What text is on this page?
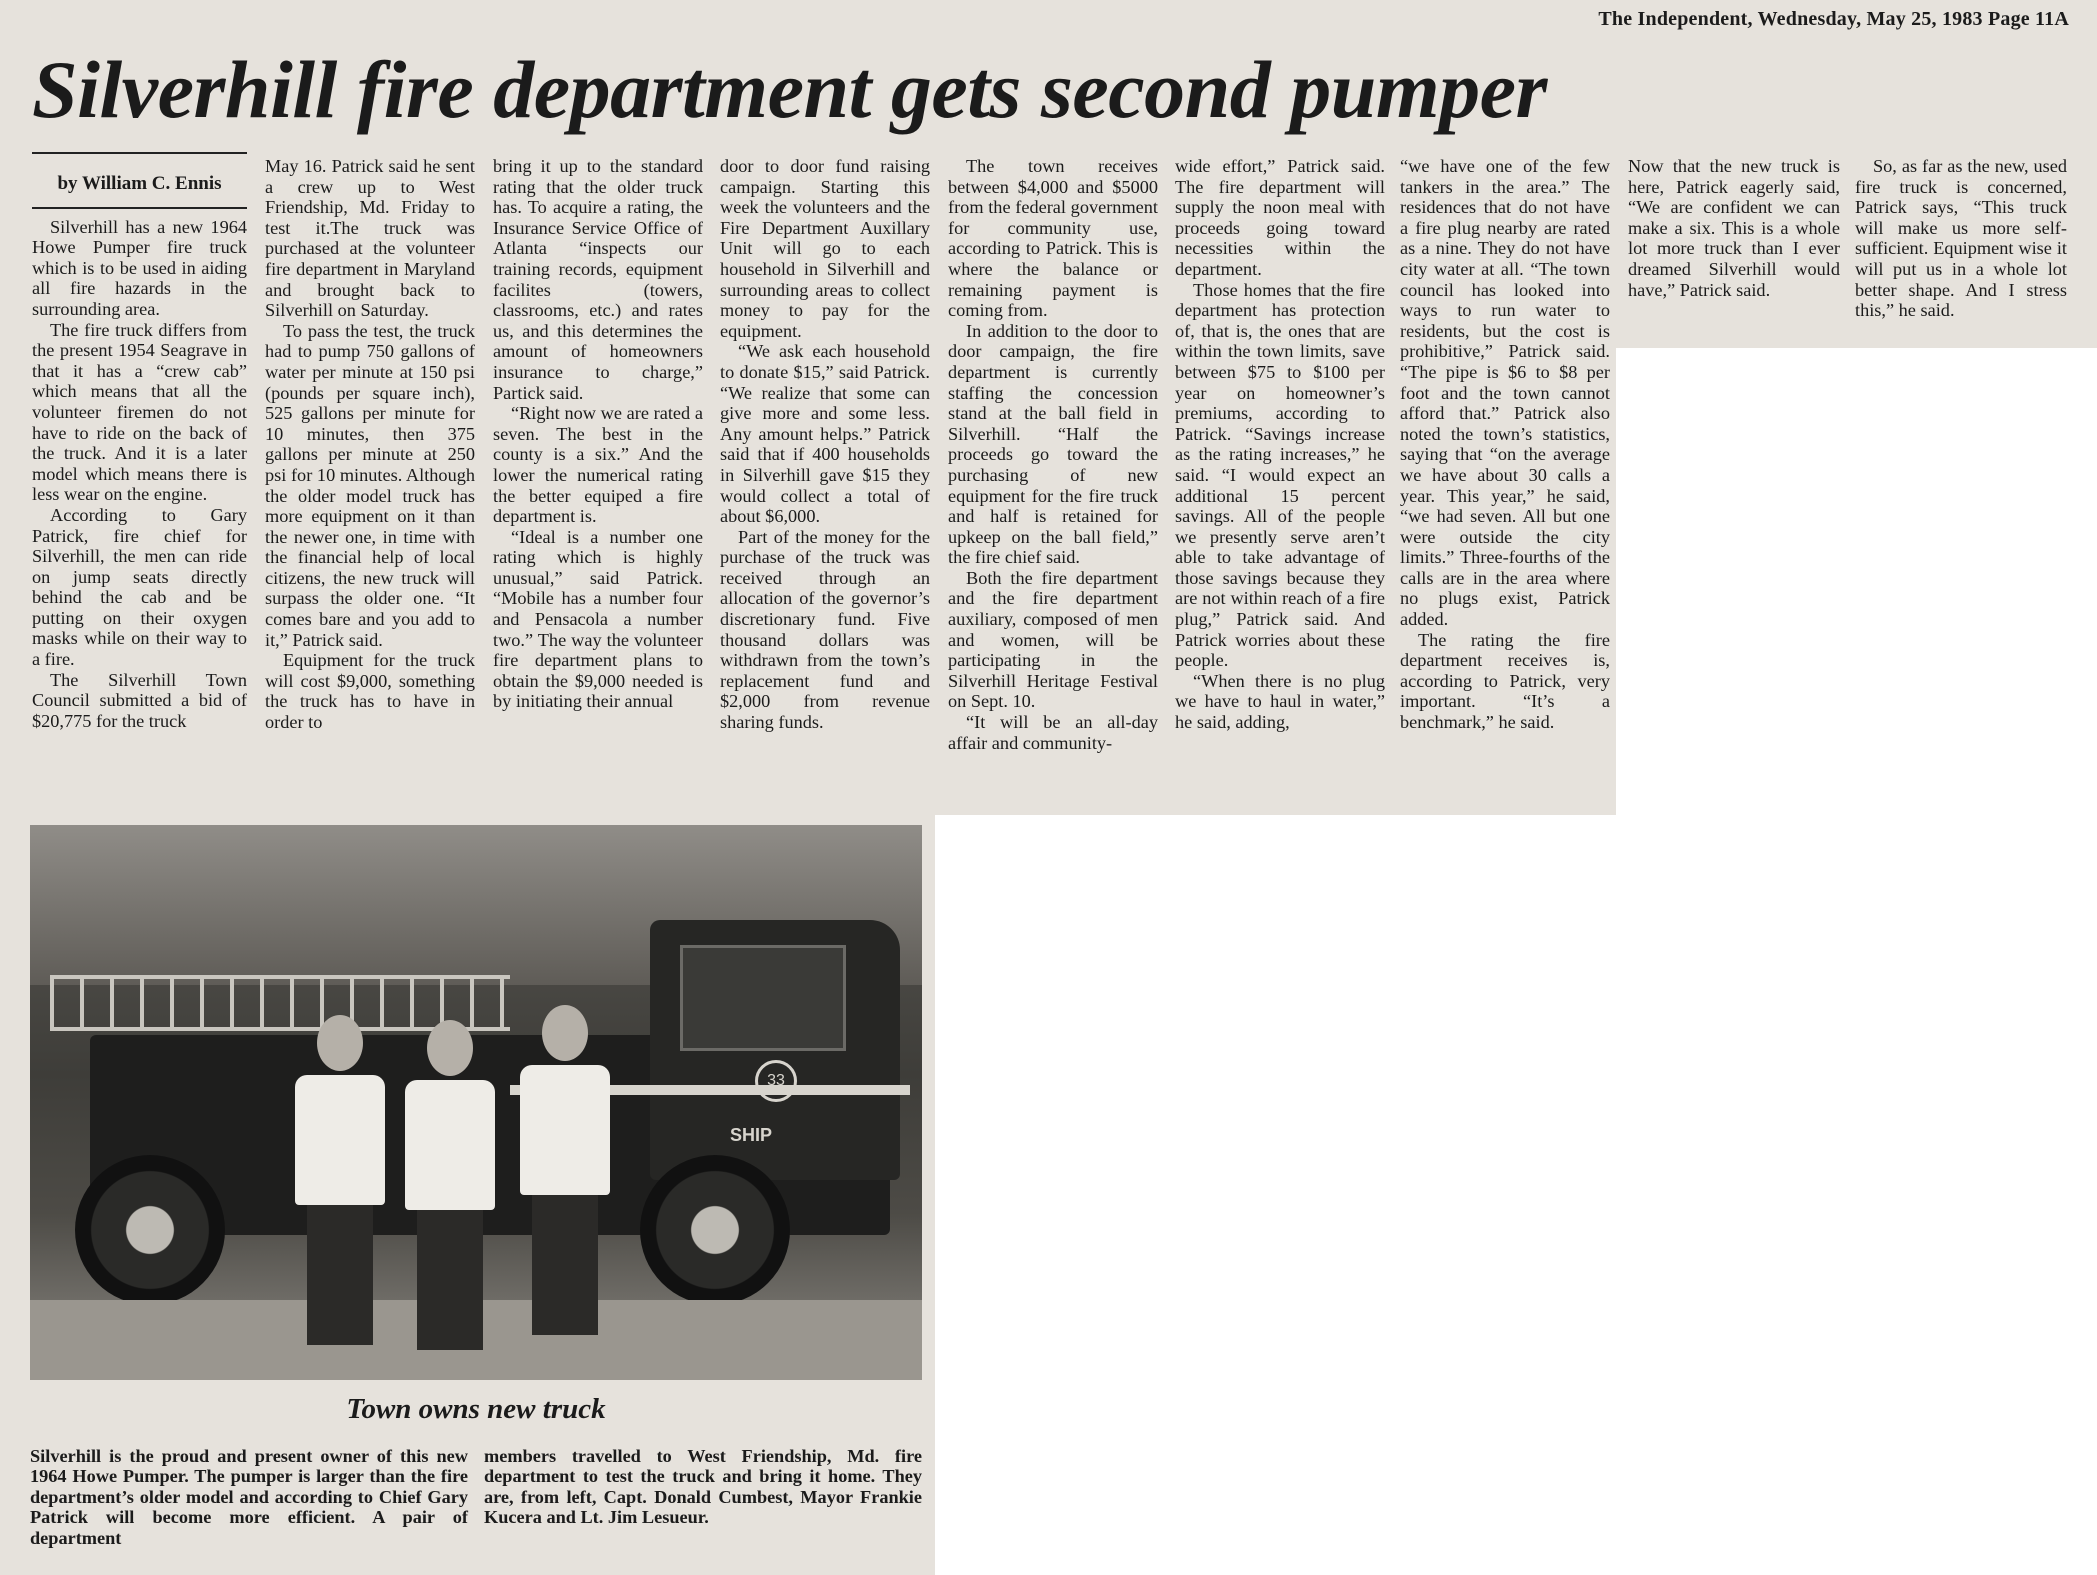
The Independent, Wednesday, May 25, 1983 Page 11A
Silverhill fire department gets second pumper
by William C. Ennis

Silverhill has a new 1964 Howe Pumper fire truck which is to be used in aiding all fire hazards in the surrounding area.

The fire truck differs from the present 1954 Seagrave in that it has a “crew cab” which means that all the volunteer firemen do not have to ride on the back of the truck. And it is a later model which means there is less wear on the engine.

According to Gary Patrick, fire chief for Silverhill, the men can ride on jump seats directly behind the cab and be putting on their oxygen masks while on their way to a fire.

The Silverhill Town Council submitted a bid of $20,775 for the truck

May 16. Patrick said he sent a crew up to West Friendship, Md. Friday to test it.The truck was purchased at the volunteer fire department in Maryland and brought back to Silverhill on Saturday.

To pass the test, the truck had to pump 750 gallons of water per minute at 150 psi (pounds per square inch), 525 gallons per minute for 10 minutes, then 375 gallons per minute at 250 psi for 10 minutes. Although the older model truck has more equipment on it than the newer one, in time with the financial help of local citizens, the new truck will surpass the older one. “It comes bare and you add to it,” Patrick said.

Equipment for the truck will cost $9,000, something the truck has to have in order to

bring it up to the standard rating that the older truck has. To acquire a rating, the Insurance Service Office of Atlanta “inspects our training records, equipment facilites (towers, classrooms, etc.) and rates us, and this determines the amount of homeowners insurance to charge,” Partick said.

“Right now we are rated a seven. The best in the county is a six.” And the lower the numerical rating the better equiped a fire department is.

“Ideal is a number one rating which is highly unusual,” said Patrick. “Mobile has a number four and Pensacola a number two.” The way the volunteer fire department plans to obtain the $9,000 needed is by initiating their annual

door to door fund raising campaign. Starting this week the volunteers and the Fire Department Auxillary Unit will go to each household in Silverhill and surrounding areas to collect money to pay for the equipment.

“We ask each household to donate $15,” said Patrick. “We realize that some can give more and some less. Any amount helps.” Patrick said that if 400 households in Silverhill gave $15 they would collect a total of about $6,000.

Part of the money for the purchase of the truck was received through an allocation of the governor’s discretionary fund. Five thousand dollars was withdrawn from the town’s replacement fund and $2,000 from revenue sharing funds.

The town receives between $4,000 and $5000 from the federal government for community use, according to Patrick. This is where the balance or remaining payment is coming from.

In addition to the door to door campaign, the fire department is currently staffing the concession stand at the ball field in Silverhill. “Half the proceeds go toward the purchasing of new equipment for the fire truck and half is retained for upkeep on the ball field,” the fire chief said.

Both the fire department and the fire department auxiliary, composed of men and women, will be participating in the Silverhill Heritage Festival on Sept. 10.

“It will be an all-day affair and community-

wide effort,” Patrick said. The fire department will supply the noon meal with proceeds going toward necessities within the department.

Those homes that the fire department has protection of, that is, the ones that are within the town limits, save between $75 to $100 per year on homeowner’s premiums, according to Patrick. “Savings increase as the rating increases,” he said. “I would expect an additional 15 percent savings. All of the people we presently serve aren’t able to take advantage of those savings because they are not within reach of a fire plug,” Patrick said. And Patrick worries about these people.

“When there is no plug we have to haul in water,” he said, adding,

“we have one of the few tankers in the area.” The residences that do not have a fire plug nearby are rated as a nine. They do not have city water at all. “The town council has looked into ways to run water to residents, but the cost is prohibitive,” Patrick said. “The pipe is $6 to $8 per foot and the town cannot afford that.” Patrick also noted the town’s statistics, saying that “on the average we have about 30 calls a year. This year,” he said, “we had seven. All but one were outside the city limits.” Three-fourths of the calls are in the area where no plugs exist, Patrick added.

The rating the fire department receives is, according to Patrick, very important. “It’s a benchmark,” he said.

Now that the new truck is here, Patrick eagerly said, “We are confident we can make a six. This is a whole lot more truck than I ever dreamed Silverhill would have,” Patrick said.

So, as far as the new, used fire truck is concerned, Patrick says, “This truck will make us more self-sufficient. Equipment wise it will put us in a whole lot better shape. And I stress this,” he said.

SHIP
33
Town owns new truck

Silverhill is the proud and present owner of this new 1964 Howe Pumper. The pumper is larger than the fire department’s older model and according to Chief Gary Patrick will become more efficient. A pair of department

members travelled to West Friendship, Md. fire department to test the truck and bring it home. They are, from left, Capt. Donald Cumbest, Mayor Frankie Kucera and Lt. Jim Lesueur.
